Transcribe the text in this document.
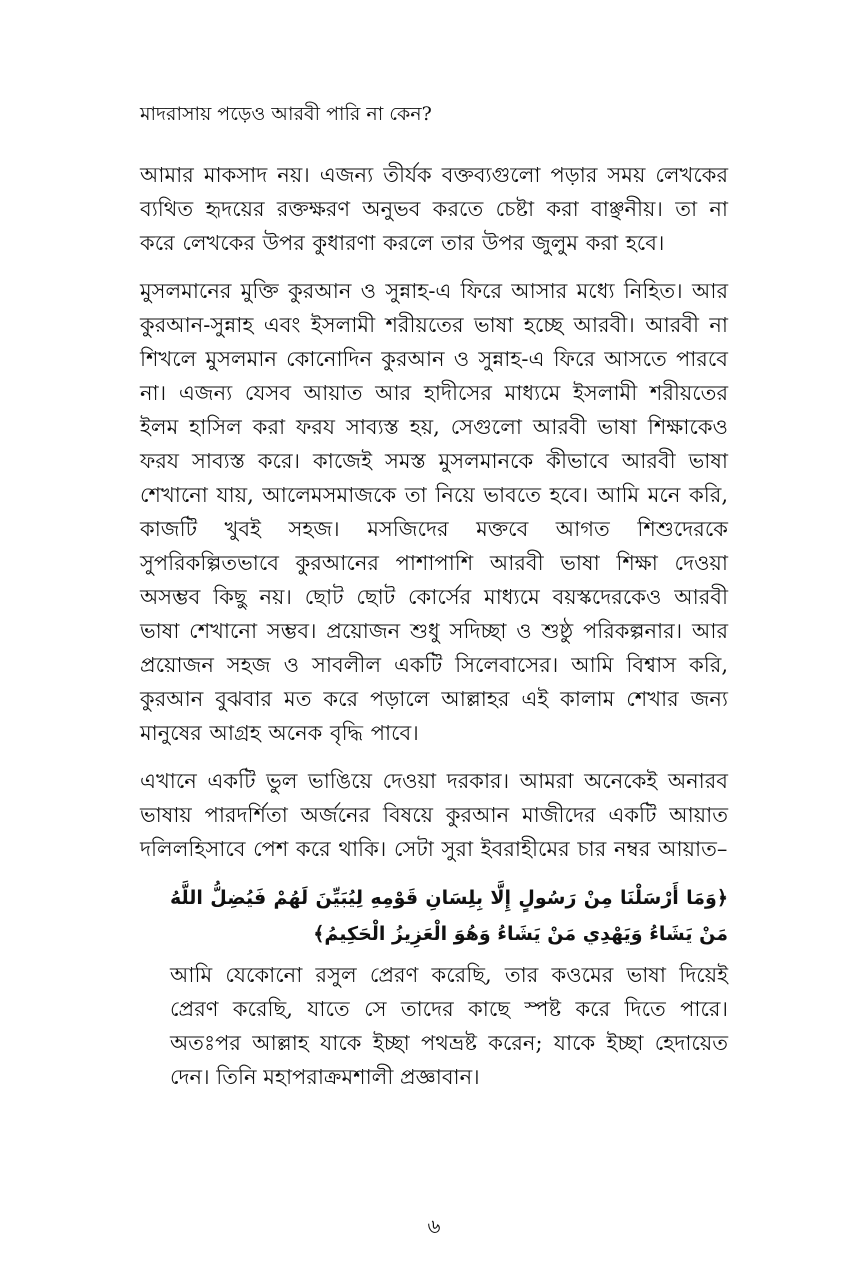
মাদরাসায় পড়েও আরবী পারি না কেন?

আমার মাকসাদ নয়। এজন্য তীর্যক বক্তব্যগুলো পড়ার সময় লেখকের ব্যথিত হৃদয়ের রক্তক্ষরণ অনুভব করতে চেষ্টা করা বাঞ্ছনীয়। তা না করে লেখকের উপর কুধারণা করলে তার উপর জুলুম করা হবে।

মুসলমানের মুক্তি কুরআন ও সুন্নাহ-এ ফিরে আসার মধ্যে নিহিত। আর কুরআন-সুন্নাহ এবং ইসলামী শরীয়তের ভাষা হচ্ছে আরবী। আরবী না শিখলে মুসলমান কোনোদিন কুরআন ও সুন্নাহ-এ ফিরে আসতে পারবে না। এজন্য যেসব আয়াত আর হাদীসের মাধ্যমে ইসলামী শরীয়তের ইলম হাসিল করা ফরয সাব্যস্ত হয়, সেগুলো আরবী ভাষা শিক্ষাকেও ফরয সাব্যস্ত করে। কাজেই সমস্ত মুসলমানকে কীভাবে আরবী ভাষা শেখানো যায়, আলেমসমাজকে তা নিয়ে ভাবতে হবে। আমি মনে করি, কাজটি খুবই সহজ। মসজিদের মক্তবে আগত শিশুদেরকে সুপরিকল্পিতভাবে কুরআনের পাশাপাশি আরবী ভাষা শিক্ষা দেওয়া অসম্ভব কিছু নয়। ছোট ছোট কোর্সের মাধ্যমে বয়স্কদেরকেও আরবী ভাষা শেখানো সম্ভব। প্রয়োজন শুধু সদিচ্ছা ও শুষ্ঠু পরিকল্পনার। আর প্রয়োজন সহজ ও সাবলীল একটি সিলেবাসের। আমি বিশ্বাস করি, কুরআন বুঝবার মত করে পড়ালে আল্লাহর এই কালাম শেখার জন্য মানুষের আগ্রহ অনেক বৃদ্ধি পাবে।

এখানে একটি ভুল ভাঙিয়ে দেওয়া দরকার। আমরা অনেকেই অনারব ভাষায় পারদর্শিতা অর্জনের বিষয়ে কুরআন মাজীদের একটি আয়াত দলিলহিসাবে পেশ করে থাকি। সেটা সুরা ইবরাহীমের চার নম্বর আয়াত–

﴿وَمَا أَرْسَلْنَا مِنْ رَسُولٍ إِلَّا بِلِسَانِ قَوْمِهِ لِيُبَيِّنَ لَهُمْ فَيُضِلُّ اللَّهُ مَنْ يَشَاءُ وَيَهْدِي مَنْ يَشَاءُ وَهُوَ الْعَزِيزُ الْحَكِيمُ﴾

আমি যেকোনো রসুল প্রেরণ করেছি, তার কওমের ভাষা দিয়েই প্রেরণ করেছি, যাতে সে তাদের কাছে স্পষ্ট করে দিতে পারে। অতঃপর আল্লাহ যাকে ইচ্ছা পথভ্রষ্ট করেন; যাকে ইচ্ছা হেদায়েত দেন। তিনি মহাপরাক্রমশালী প্রজ্ঞাবান।

৬
